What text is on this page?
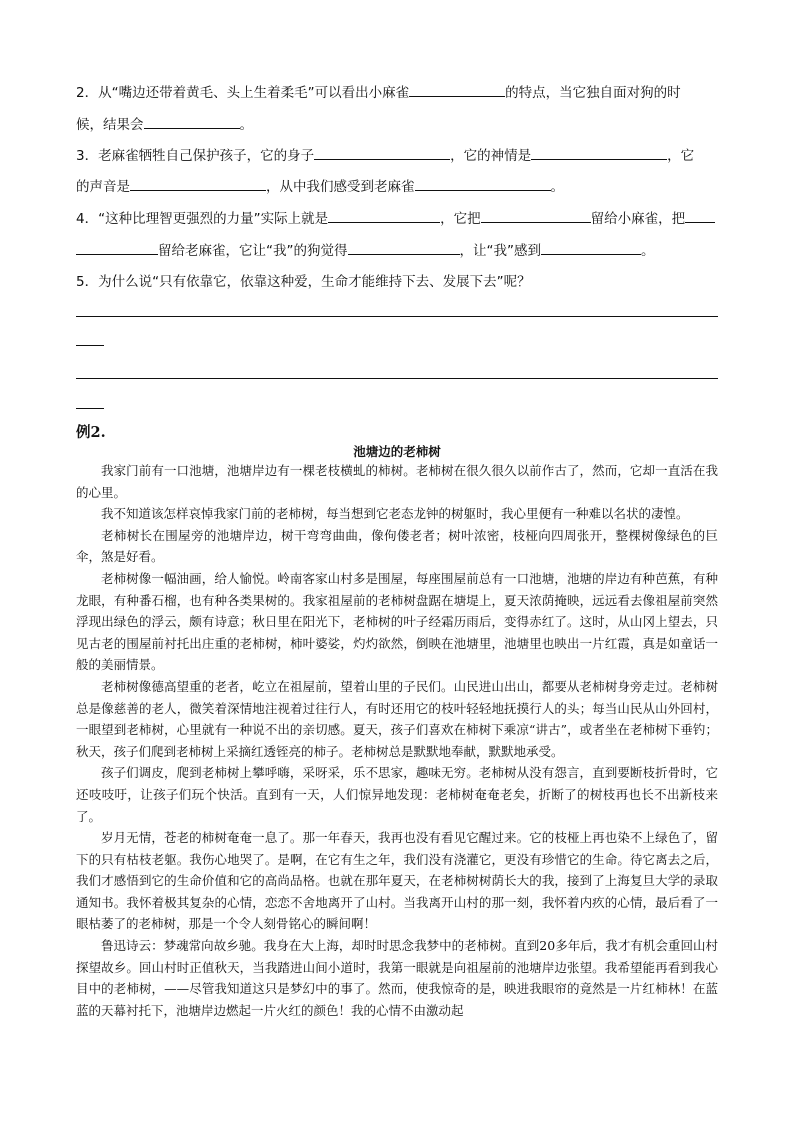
2．从“嘴边还带着黄毛、头上生着柔毛”可以看出小麻雀	的特点，当它独自面对狗的时
候，结果会	。
3．老麻雀牺牲自己保护孩子，它的身子	，它的神情是	，它
的声音是	，从中我们感受到老麻雀	。
4．“这种比理智更强烈的力量”实际上就是	，它把	留给小麻雀，把
留给老麻雀，它让“我”的狗觉得	，让“我”感到	。
5．为什么说“只有依靠它，依靠这种爱，生命才能维持下去、发展下去”呢？
例2.
池塘边的老柿树

我家门前有一口池塘，池塘岸边有一棵老枝横虬的柿树。老柿树在很久很久以前作古了，然而，它却一直活在我的心里。

我不知道该怎样哀悼我家门前的老柿树，每当想到它老态龙钟的树躯时，我心里便有一种难以名状的凄惶。

老柿树长在围屋旁的池塘岸边，树干弯弯曲曲，像佝偻老者；树叶浓密，枝桠向四周张开，整棵树像绿色的巨伞，煞是好看。

老柿树像一幅油画，给人愉悦。岭南客家山村多是围屋，每座围屋前总有一口池塘，池塘的岸边有种芭蕉，有种龙眼，有种番石榴，也有种各类果树的。我家祖屋前的老柿树盘踞在塘堤上，夏天浓荫掩映，远远看去像祖屋前突然浮现出绿色的浮云，颇有诗意；秋日里在阳光下，老柿树的叶子经霜历雨后，变得赤红了。这时，从山冈上望去，只见古老的围屋前衬托出庄重的老柿树，柿叶婆娑，灼灼欲然，倒映在池塘里，池塘里也映出一片红霞，真是如童话一般的美丽情景。

老柿树像德高望重的老者，屹立在祖屋前，望着山里的子民们。山民进山出山，都要从老柿树身旁走过。老柿树总是像慈善的老人，微笑着深情地注视着过往行人，有时还用它的枝叶轻轻地抚摸行人的头；每当山民从山外回村，一眼望到老柿树，心里就有一种说不出的亲切感。夏天，孩子们喜欢在柿树下乘凉“讲古”，或者坐在老柿树下垂钓；秋天，孩子们爬到老柿树上采摘红透铚亮的柿子。老柿树总是默默地奉献，默默地承受。

孩子们调皮，爬到老柿树上攀呼嗨，采呀采，乐不思家，趣味无穷。老柿树从没有怨言，直到要断枝折骨时，它还吱吱吁，让孩子们玩个快活。直到有一天，人们惊异地发现：老柿树奄奄老矣，折断了的树枝再也长不出新枝来了。

岁月无情，苍老的柿树奄奄一息了。那一年春天，我再也没有看见它醒过来。它的枝桠上再也染不上绿色了，留下的只有枯枝老躯。我伤心地哭了。是啊，在它有生之年，我们没有浇灌它，更没有珍惜它的生命。待它离去之后，我们才感悟到它的生命价值和它的高尚品格。也就在那年夏天，在老柿树树荫长大的我，接到了上海复旦大学的录取通知书。我怀着极其复杂的心情，恋恋不舍地离开了山村。当我离开山村的那一刻，我怀着内疚的心情，最后看了一眼枯萎了的老柿树，那是一个令人刻骨铭心的瞬间啊！

鲁迅诗云：梦魂常向故乡驰。我身在大上海，却时时思念我梦中的老柿树。直到20多年后，我才有机会重回山村探望故乡。回山村时正值秋天，当我踏进山间小道时，我第一眼就是向祖屋前的池塘岸边张望。我希望能再看到我心目中的老柿树，——尽管我知道这只是梦幻中的事了。然而，使我惊奇的是，映进我眼帘的竟然是一片红柿林！在蓝蓝的天幕衬托下，池塘岸边燃起一片火红的颜色！我的心情不由激动起
